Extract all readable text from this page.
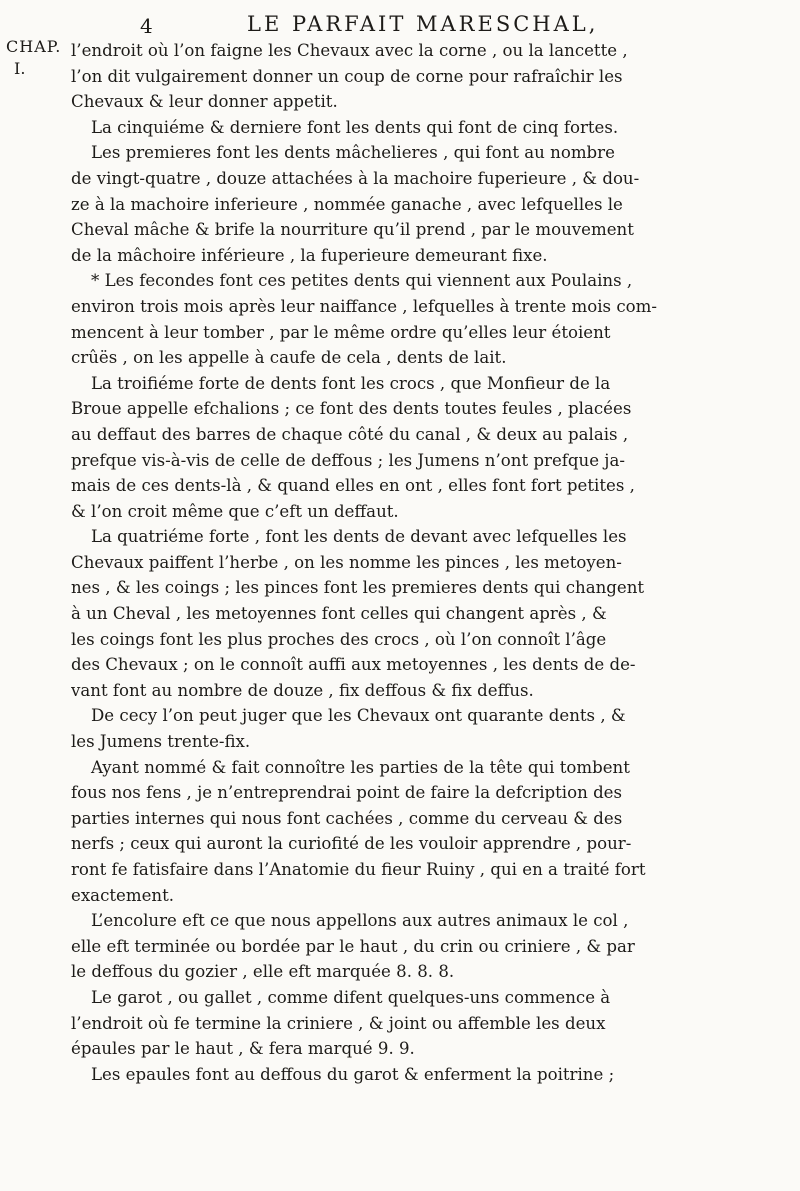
4	LE PARFAIT MARESCHAL,
CHAP.
I.
l’endroit où l’on faigne les Chevaux avec la corne , ou la lancette ,
l’on dit vulgairement donner un coup de corne pour rafraîchir les
Chevaux & leur donner appetit.
La cinquiéme & derniere font les dents qui font de cinq fortes.
Les premieres font les dents mâchelieres , qui font au nombre
de vingt-quatre , douze attachées à la machoire fuperieure , & dou-
ze à la machoire inferieure , nommée ganache , avec lefquelles le
Cheval mâche & brife la nourriture qu’il prend , par le mouvement
de la mâchoire inférieure , la fuperieure demeurant fixe.
* Les fecondes font ces petites dents qui viennent aux Poulains ,
environ trois mois après leur naiffance , lefquelles à trente mois com-
mencent à leur tomber , par le même ordre qu’elles leur étoient
crûës , on les appelle à caufe de cela , dents de lait.
La troifiéme forte de dents font les crocs , que Monfieur de la
Broue appelle efchalions ; ce font des dents toutes feules , placées
au deffaut des barres de chaque côté du canal , & deux au palais ,
prefque vis-à-vis de celle de deffous ; les Jumens n’ont prefque ja-
mais de ces dents-là , & quand elles en ont , elles font fort petites ,
& l’on croit même que c’eft un deffaut.
La quatriéme forte , font les dents de devant avec lefquelles les
Chevaux paiffent l’herbe , on les nomme les pinces , les metoyen-
nes , & les coings ; les pinces font les premieres dents qui changent
à un Cheval , les metoyennes font celles qui changent après , &
les coings font les plus proches des crocs , où l’on connoît l’âge
des Chevaux ; on le connoît auffi aux metoyennes , les dents de de-
vant font au nombre de douze , fix deffous & fix deffus.
De cecy l’on peut juger que les Chevaux ont quarante dents , &
les Jumens trente-fix.
Ayant nommé & fait connoître les parties de la tête qui tombent
fous nos fens , je n’entreprendrai point de faire la defcription des
parties internes qui nous font cachées , comme du cerveau & des
nerfs ; ceux qui auront la curiofité de les vouloir apprendre , pour-
ront fe fatisfaire dans l’Anatomie du fieur Ruiny , qui en a traité fort
exactement.
L’encolure eft ce que nous appellons aux autres animaux le col ,
elle eft terminée ou bordée par le haut , du crin ou criniere , & par
le deffous du gozier , elle eft marquée 8. 8. 8.
Le garot , ou gallet , comme difent quelques-uns commence à
l’endroit où fe termine la criniere , & joint ou affemble les deux
épaules par le haut , & fera marqué 9. 9.
Les epaules font au deffous du garot & enferment la poitrine ;
